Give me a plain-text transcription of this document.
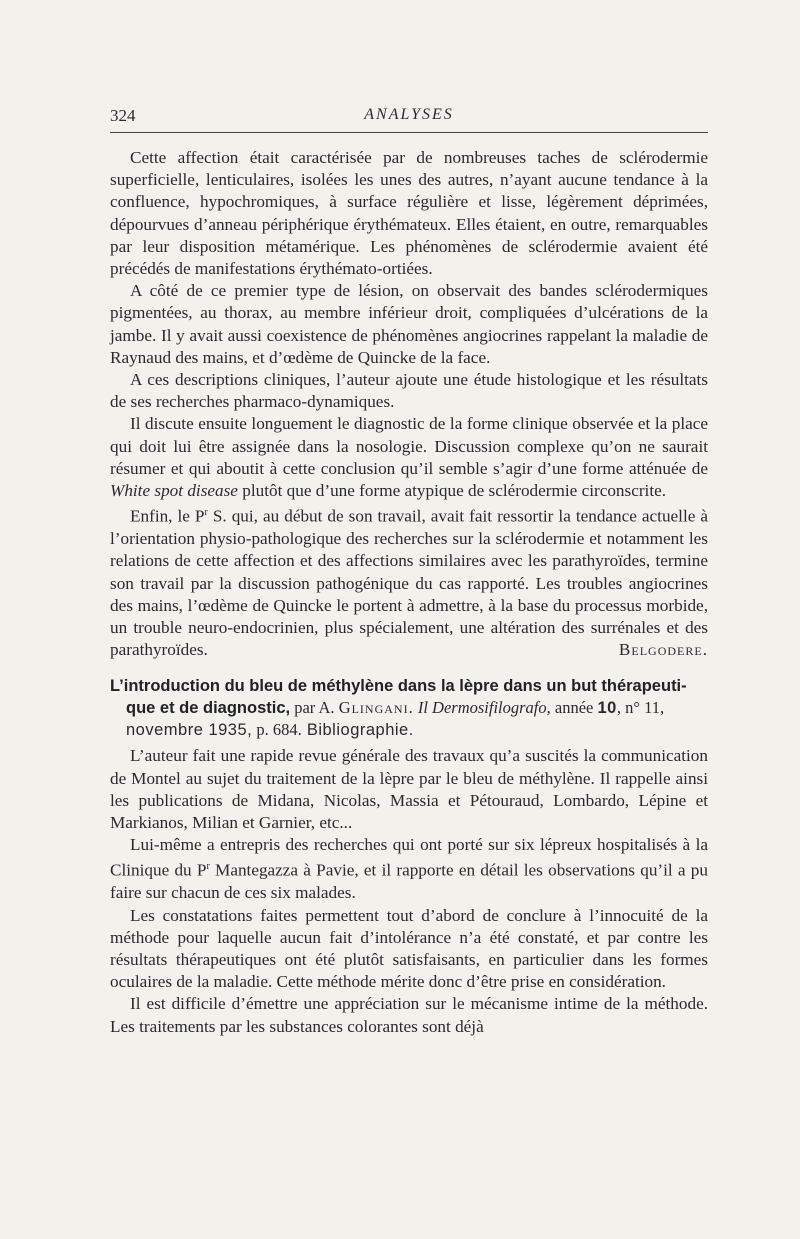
324	ANALYSES

Cette affection était caractérisée par de nombreuses taches de sclérodermie superficielle, lenticulaires, isolées les unes des autres, n’ayant aucune tendance à la confluence, hypochromiques, à surface régulière et lisse, légèrement déprimées, dépourvues d’anneau périphérique érythémateux. Elles étaient, en outre, remarquables par leur disposition métamérique. Les phénomènes de sclérodermie avaient été précédés de manifestations érythémato-ortiées.

A côté de ce premier type de lésion, on observait des bandes sclérodermiques pigmentées, au thorax, au membre inférieur droit, compliquées d’ulcérations de la jambe. Il y avait aussi coexistence de phénomènes angiocrines rappelant la maladie de Raynaud des mains, et d’œdème de Quincke de la face.

A ces descriptions cliniques, l’auteur ajoute une étude histologique et les résultats de ses recherches pharmaco-dynamiques.

Il discute ensuite longuement le diagnostic de la forme clinique observée et la place qui doit lui être assignée dans la nosologie. Discussion complexe qu’on ne saurait résumer et qui aboutit à cette conclusion qu’il semble s’agir d’une forme atténuée de White spot disease plutôt que d’une forme atypique de sclérodermie circonscrite.

Enfin, le $P^r$ S. qui, au début de son travail, avait fait ressortir la tendance actuelle à l’orientation physio-pathologique des recherches sur la sclérodermie et notamment les relations de cette affection et des affections similaires avec les parathyroïdes, termine son travail par la discussion pathogénique du cas rapporté. Les troubles angiocrines des mains, l’œdème de Quincke le portent à admettre, à la base du processus morbide, un trouble neuro-endocrinien, plus spécialement, une altération des surrénales et des parathyroïdes.	Belgodere.

L’introduction du bleu de méthylène dans la lèpre dans un but thérapeutique et de diagnostic, par A. Glingani. Il Dermosifilografo, année 10, n° 11, novembre 1935, p. 684. Bibliographie.

L’auteur fait une rapide revue générale des travaux qu’a suscités la communication de Montel au sujet du traitement de la lèpre par le bleu de méthylène. Il rappelle ainsi les publications de Midana, Nicolas, Massia et Pétouraud, Lombardo, Lépine et Markianos, Milian et Garnier, etc...

Lui-même a entrepris des recherches qui ont porté sur six lépreux hospitalisés à la Clinique du $P^r$ Mantegazza à Pavie, et il rapporte en détail les observations qu’il a pu faire sur chacun de ces six malades.

Les constatations faites permettent tout d’abord de conclure à l’innocuité de la méthode pour laquelle aucun fait d’intolérance n’a été constaté, et par contre les résultats thérapeutiques ont été plutôt satisfaisants, en particulier dans les formes oculaires de la maladie. Cette méthode mérite donc d’être prise en considération.

Il est difficile d’émettre une appréciation sur le mécanisme intime de la méthode. Les traitements par les substances colorantes sont déjà
